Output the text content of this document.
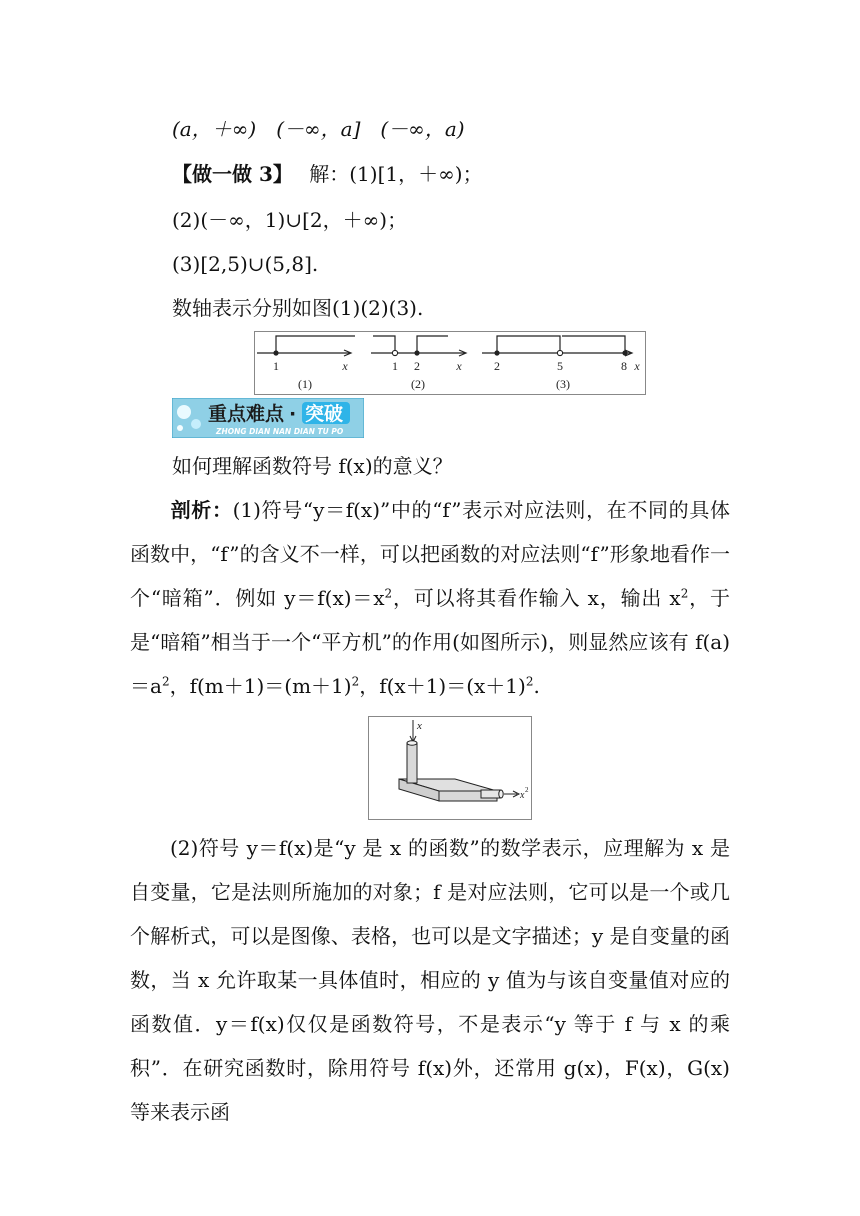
(a，＋∞)　(－∞，a]　(－∞，a)
【做一做 3】 解：(1)[1，＋∞)；
(2)(－∞，1)∪[2，＋∞)；
(3)[2,5)∪(5,8].
数轴表示分别如图(1)(2)(3).
1	x
(1)
1 2	x
(2)
2	5	8 x
(3)
重点难点 · 突破
ZHONG DIAN NAN DIAN TU PO
如何理解函数符号 f(x)的意义？
剖析：(1)符号“y＝f(x)”中的“f”表示对应法则，在不同的具体函数中，“f”的含义不一样，可以把函数的对应法则“f”形象地看作一个“暗箱”．例如 $y=f(x)=x^2$，可以将其看作输入 x，输出 $x^2$，于是“暗箱”相当于一个“平方机”的作用(如图所示)，则显然应该有 $f(a)=a^2$，$f(m+1)=(m+1)^2$，$f(x+1)=(x+1)^2$.
x
x 2
(2)符号 y＝f(x)是“y 是 x 的函数”的数学表示，应理解为 x 是自变量，它是法则所施加的对象；f 是对应法则，它可以是一个或几个解析式，可以是图像、表格，也可以是文字描述；y 是自变量的函数，当 x 允许取某一具体值时，相应的 y 值为与该自变量值对应的函数值．y＝f(x)仅仅是函数符号，不是表示“y 等于 f 与 x 的乘积”．在研究函数时，除用符号 f(x)外，还常用 g(x)，F(x)，G(x)等来表示函
